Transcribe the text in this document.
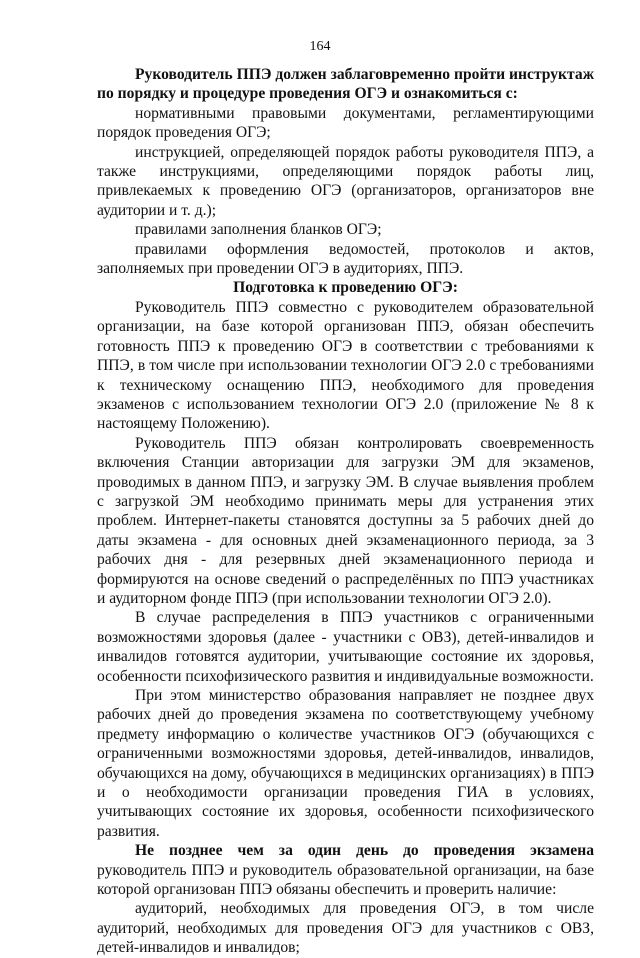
164

Руководитель ППЭ должен заблаговременно пройти инструктаж по порядку и процедуре проведения ОГЭ и ознакомиться с:

нормативными правовыми документами, регламентирующими порядок проведения ОГЭ;

инструкцией, определяющей порядок работы руководителя ППЭ, а также инструкциями, определяющими порядок работы лиц, привлекаемых к проведению ОГЭ (организаторов, организаторов вне аудитории и т. д.);

правилами заполнения бланков ОГЭ;

правилами оформления ведомостей, протоколов и актов, заполняемых при проведении ОГЭ в аудиториях, ППЭ.

Подготовка к проведению ОГЭ:

Руководитель ППЭ совместно с руководителем образовательной организации, на базе которой организован ППЭ, обязан обеспечить готовность ППЭ к проведению ОГЭ в соответствии с требованиями к ППЭ, в том числе при использовании технологии ОГЭ 2.0 с требованиями к техническому оснащению ППЭ, необходимого для проведения экзаменов с использованием технологии ОГЭ 2.0 (приложение № 8 к настоящему Положению).

Руководитель ППЭ обязан контролировать своевременность включения Станции авторизации для загрузки ЭМ для экзаменов, проводимых в данном ППЭ, и загрузку ЭМ. В случае выявления проблем с загрузкой ЭМ необходимо принимать меры для устранения этих проблем. Интернет-пакеты становятся доступны за 5 рабочих дней до даты экзамена - для основных дней экзаменационного периода, за 3 рабочих дня - для резервных дней экзаменационного периода и формируются на основе сведений о распределённых по ППЭ участниках и аудиторном фонде ППЭ (при использовании технологии ОГЭ 2.0).

В случае распределения в ППЭ участников с ограниченными возможностями здоровья (далее - участники с ОВЗ), детей-инвалидов и инвалидов готовятся аудитории, учитывающие состояние их здоровья, особенности психофизического развития и индивидуальные возможности.

При этом министерство образования направляет не позднее двух рабочих дней до проведения экзамена по соответствующему учебному предмету информацию о количестве участников ОГЭ (обучающихся с ограниченными возможностями здоровья, детей-инвалидов, инвалидов, обучающихся на дому, обучающихся в медицинских организациях) в ППЭ и о необходимости организации проведения ГИА в условиях, учитывающих состояние их здоровья, особенности психофизического развития.

Не позднее чем за один день до проведения экзамена руководитель ППЭ и руководитель образовательной организации, на базе которой организован ППЭ обязаны обеспечить и проверить наличие:

аудиторий, необходимых для проведения ОГЭ, в том числе аудиторий, необходимых для проведения ОГЭ для участников с ОВЗ, детей-инвалидов и инвалидов;
